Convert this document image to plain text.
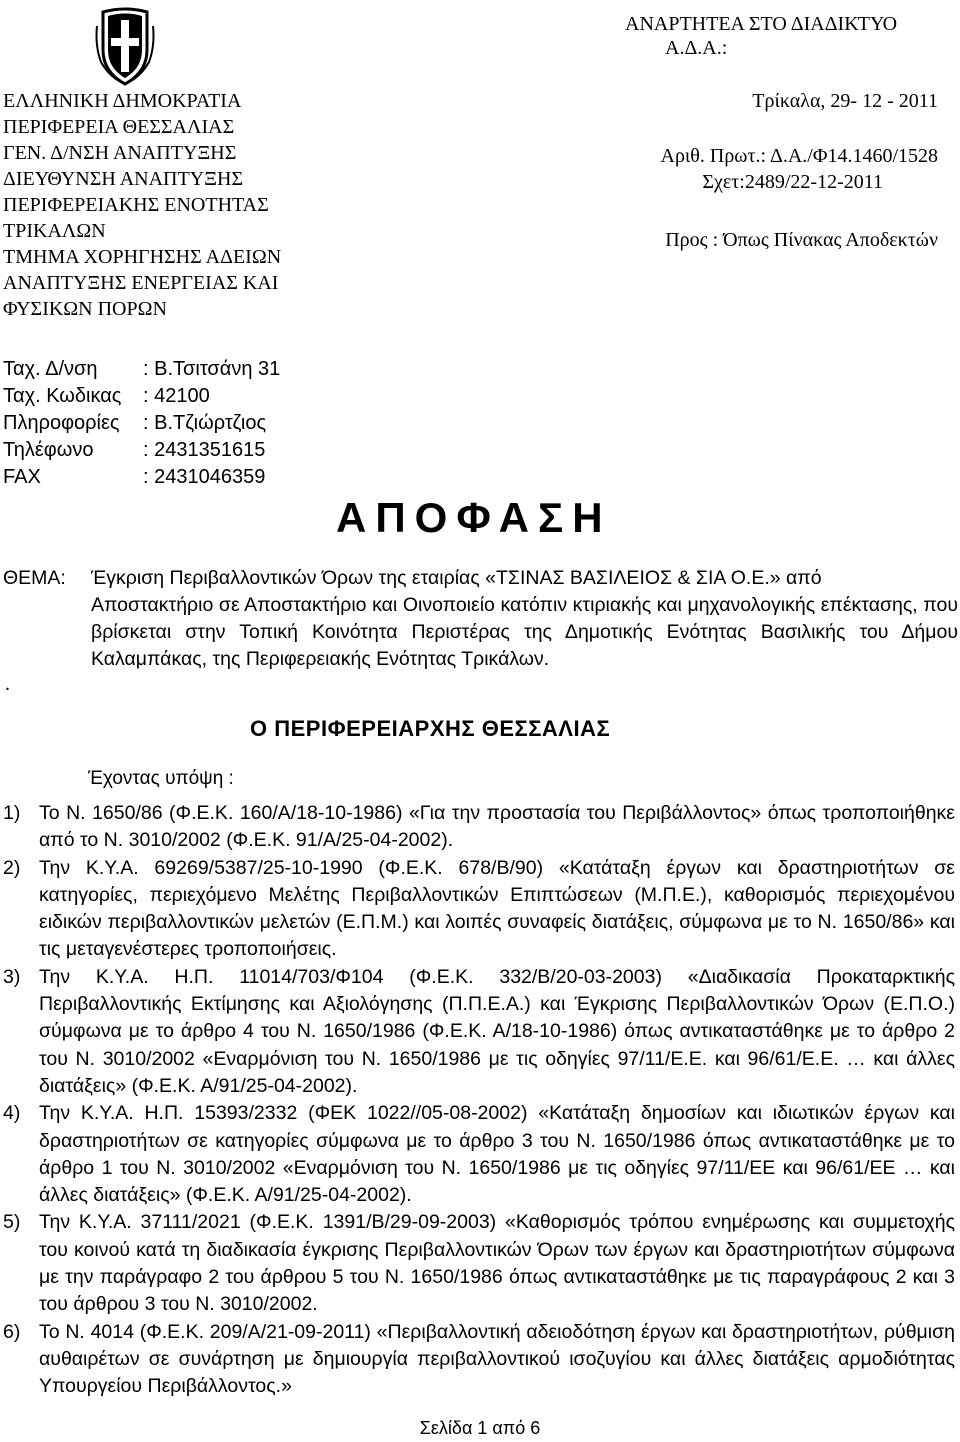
ΑΝΑΡΤΗΤΕΑ ΣΤΟ ΔΙΑΔΙΚΤΥΟ
Α.Δ.Α.:
ΕΛΛΗΝΙΚΗ ΔΗΜΟΚΡΑΤΙΑ
ΠΕΡΙΦΕΡΕΙΑ ΘΕΣΣΑΛΙΑΣ
ΓΕΝ. Δ/ΝΣΗ ΑΝΑΠΤΥΞΗΣ
ΔΙΕΥΘΥΝΣΗ ΑΝΑΠΤΥΞΗΣ
ΠΕΡΙΦΕΡΕΙΑΚΗΣ ΕΝΟΤΗΤΑΣ
ΤΡΙΚΑΛΩΝ
ΤΜΗΜΑ ΧΟΡΗΓΗΣΗΣ ΑΔΕΙΩΝ
ΑΝΑΠΤΥΞΗΣ ΕΝΕΡΓΕΙΑΣ ΚΑΙ
ΦΥΣΙΚΩΝ ΠΟΡΩΝ
Τρίκαλα, 29- 12 - 2011
Αριθ. Πρωτ.: Δ.Α./Φ14.1460/1528
Σχετ:2489/22-12-2011
Προς : Όπως Πίνακας Αποδεκτών
Ταχ. Δ/νση	: Β.Τσιτσάνη 31
Ταχ. Κωδικας	: 42100
Πληροφορίες	: Β.Τζιώρτζιος
Τηλέφωνο	: 2431351615
FAX	: 2431046359
ΑΠΟΦΑΣΗ
ΘΕΜΑ:	Έγκριση Περιβαλλοντικών Όρων της εταιρίας «ΤΣΙΝΑΣ ΒΑΣΙΛΕΙΟΣ & ΣΙΑ Ο.Ε.» από
Αποστακτήριο σε Αποστακτήριο και Οινοποιείο κατόπιν κτιριακής και μηχανολογικής επέκτασης, που βρίσκεται στην Τοπική Κοινότητα Περιστέρας της Δημοτικής Ενότητας Βασιλικής του Δήμου Καλαμπάκας, της Περιφερειακής Ενότητας Τρικάλων.
.
Ο ΠΕΡΙΦΕΡΕΙΑΡΧΗΣ ΘΕΣΣΑΛΙΑΣ
Έχοντας υπόψη :
1) Το Ν. 1650/86 (Φ.Ε.Κ. 160/Α/18-10-1986) «Για την προστασία του Περιβάλλοντος» όπως τροποποιήθηκε από το Ν. 3010/2002 (Φ.Ε.Κ. 91/Α/25-04-2002).
2) Την Κ.Υ.Α. 69269/5387/25-10-1990 (Φ.Ε.Κ. 678/Β/90) «Κατάταξη έργων και δραστηριοτήτων σε κατηγορίες, περιεχόμενο Μελέτης Περιβαλλοντικών Επιπτώσεων (Μ.Π.Ε.), καθορισμός περιεχομένου ειδικών περιβαλλοντικών μελετών (Ε.Π.Μ.) και λοιπές συναφείς διατάξεις, σύμφωνα με το Ν. 1650/86» και τις μεταγενέστερες τροποποιήσεις.
3) Την Κ.Υ.Α. Η.Π. 11014/703/Φ104 (Φ.Ε.Κ. 332/Β/20-03-2003) «Διαδικασία Προκαταρκτικής Περιβαλλοντικής Εκτίμησης και Αξιολόγησης (Π.Π.Ε.Α.) και Έγκρισης Περιβαλλοντικών Όρων (Ε.Π.Ο.) σύμφωνα με το άρθρο 4 του Ν. 1650/1986 (Φ.Ε.Κ. Α/18-10-1986) όπως αντικαταστάθηκε με το άρθρο 2 του Ν. 3010/2002 «Εναρμόνιση του Ν. 1650/1986 με τις οδηγίες 97/11/Ε.Ε. και 96/61/Ε.Ε. … και άλλες διατάξεις» (Φ.Ε.Κ. Α/91/25-04-2002).
4) Την Κ.Υ.Α. Η.Π. 15393/2332 (ΦΕΚ 1022//05-08-2002) «Κατάταξη δημοσίων και ιδιωτικών έργων και δραστηριοτήτων σε κατηγορίες σύμφωνα με το άρθρο 3 του Ν. 1650/1986 όπως αντικαταστάθηκε με το άρθρο 1 του Ν. 3010/2002 «Εναρμόνιση του Ν. 1650/1986 με τις οδηγίες 97/11/ΕΕ και 96/61/ΕΕ … και άλλες διατάξεις» (Φ.Ε.Κ. Α/91/25-04-2002).
5) Την Κ.Υ.Α. 37111/2021 (Φ.Ε.Κ. 1391/Β/29-09-2003) «Καθορισμός τρόπου ενημέρωσης και συμμετοχής του κοινού κατά τη διαδικασία έγκρισης Περιβαλλοντικών Όρων των έργων και δραστηριοτήτων σύμφωνα με την παράγραφο 2 του άρθρου 5 του Ν. 1650/1986 όπως αντικαταστάθηκε με τις παραγράφους 2 και 3 του άρθρου 3 του Ν. 3010/2002.
6) Το Ν. 4014 (Φ.Ε.Κ. 209/Α/21-09-2011) «Περιβαλλοντική αδειοδότηση έργων και δραστηριοτήτων, ρύθμιση αυθαιρέτων σε συνάρτηση με δημιουργία περιβαλλοντικού ισοζυγίου και άλλες διατάξεις αρμοδιότητας Υπουργείου Περιβάλλοντος.»
Σελίδα 1 από 6
